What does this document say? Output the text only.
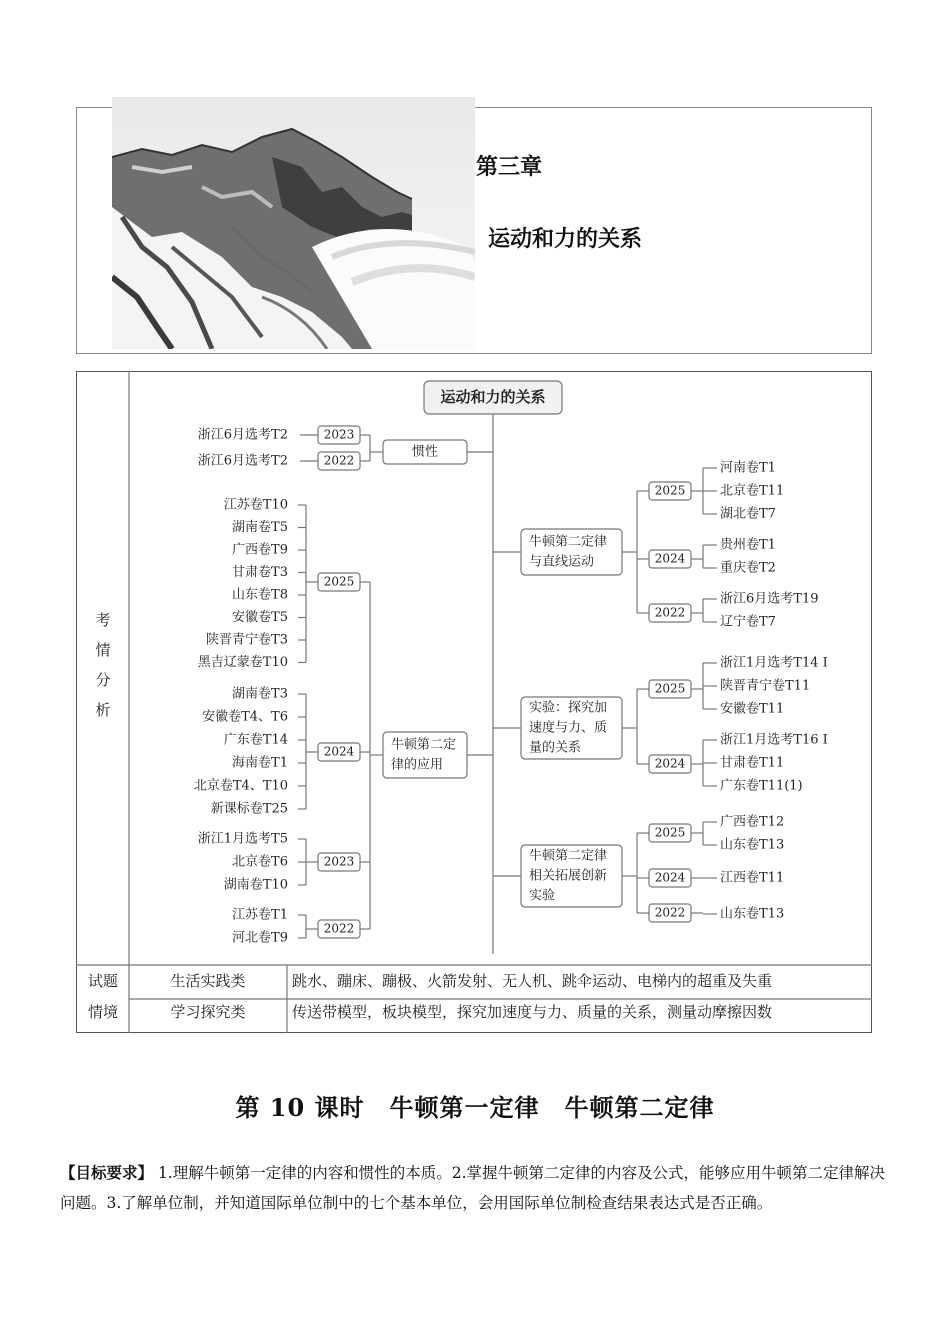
第三章
运动和力的关系
考
情
分
析
试题
情境
生活实践类	跳水、蹦床、蹦极、火箭发射、无人机、跳伞运动、电梯内的超重及失重
学习探究类	传送带模型，板块模型，探究加速度与力、质量的关系，测量动摩擦因数
运动和力的关系
惯性
2023
浙江6月选考T2
2022
浙江6月选考T2
牛顿第二定
律的应用
2025
江苏卷T10
湖南卷T5
广西卷T9
甘肃卷T3
山东卷T8
安徽卷T5
陕晋青宁卷T3
黑吉辽蒙卷T10
2024
湖南卷T3
安徽卷T4、T6
广东卷T14
海南卷T1
北京卷T4、T10
新课标卷T25
2023
浙江1月选考T5
北京卷T6
湖南卷T10
2022
江苏卷T1
河北卷T9
牛顿第二定律
与直线运动
2025
河南卷T1
北京卷T11
湖北卷T7
2024
贵州卷T1
重庆卷T2
2022
浙江6月选考T19
辽宁卷T7
实验：探究加
速度与力、质
量的关系
2025
浙江1月选考T14 Ⅰ
陕晋青宁卷T11
安徽卷T11
2024
浙江1月选考T16 Ⅰ
甘肃卷T11
广东卷T11(1)
牛顿第二定律
相关拓展创新
实验
2025
广西卷T12
山东卷T13
2024	江西卷T11
2022	山东卷T13
第 10 课时　牛顿第一定律　牛顿第二定律
【目标要求】 1.理解牛顿第一定律的内容和惯性的本质。2.掌握牛顿第二定律的内容及公式，能够应用牛顿第二定律解决问题。3.了解单位制，并知道国际单位制中的七个基本单位，会用国际单位制检查结果表达式是否正确。
